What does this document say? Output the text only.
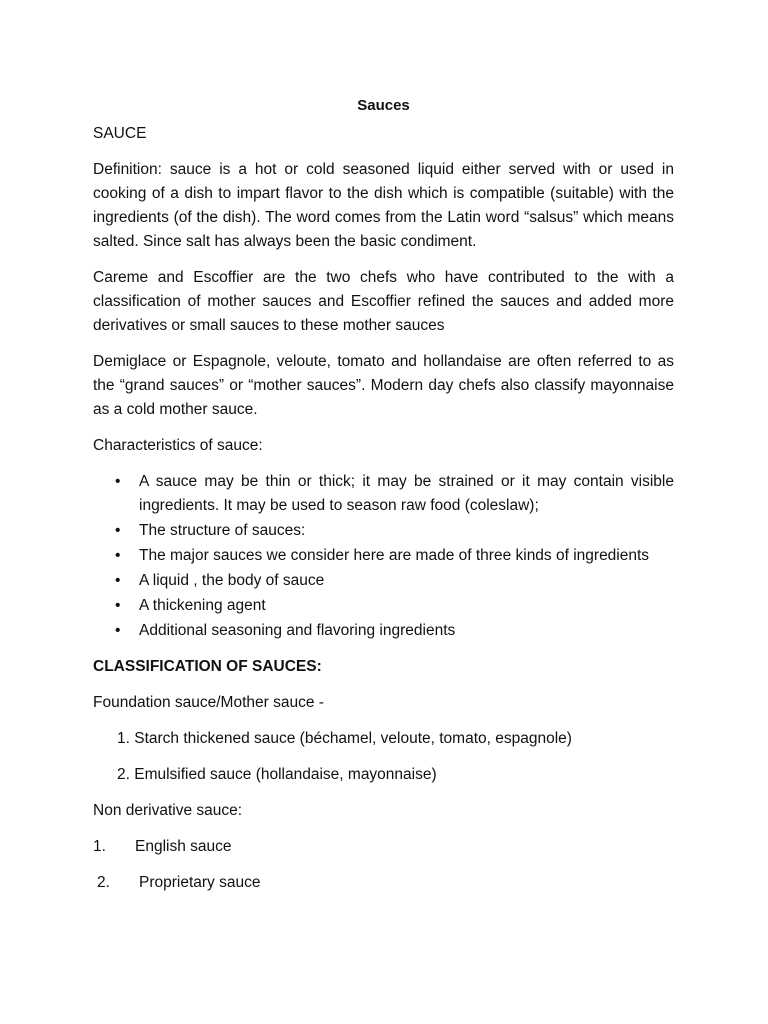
Sauces

SAUCE

Definition: sauce is a hot or cold seasoned liquid either served with or used in cooking of a dish to impart flavor to the dish which is compatible (suitable) with the ingredients (of the dish). The word comes from the Latin word “salsus” which means salted. Since salt has always been the basic condiment.

Careme and Escoffier are the two chefs who have contributed to the with a classification of mother sauces and Escoffier refined the sauces and added more derivatives or small sauces to these mother sauces

Demiglace or Espagnole, veloute, tomato and hollandaise are often referred to as the “grand sauces” or “mother sauces”. Modern day chefs also classify mayonnaise as a cold mother sauce.

Characteristics of sauce:

• A sauce may be thin or thick; it may be strained or it may contain visible ingredients. It may be used to season raw food (coleslaw);
• The structure of sauces:
• The major sauces we consider here are made of three kinds of ingredients
• A liquid , the body of sauce
• A thickening agent
• Additional seasoning and flavoring ingredients

CLASSIFICATION OF SAUCES:

Foundation sauce/Mother sauce -

1. Starch thickened sauce (béchamel, veloute, tomato, espagnole)

2. Emulsified sauce (hollandaise, mayonnaise)

Non derivative sauce:

1. English sauce
2. Proprietary sauce
